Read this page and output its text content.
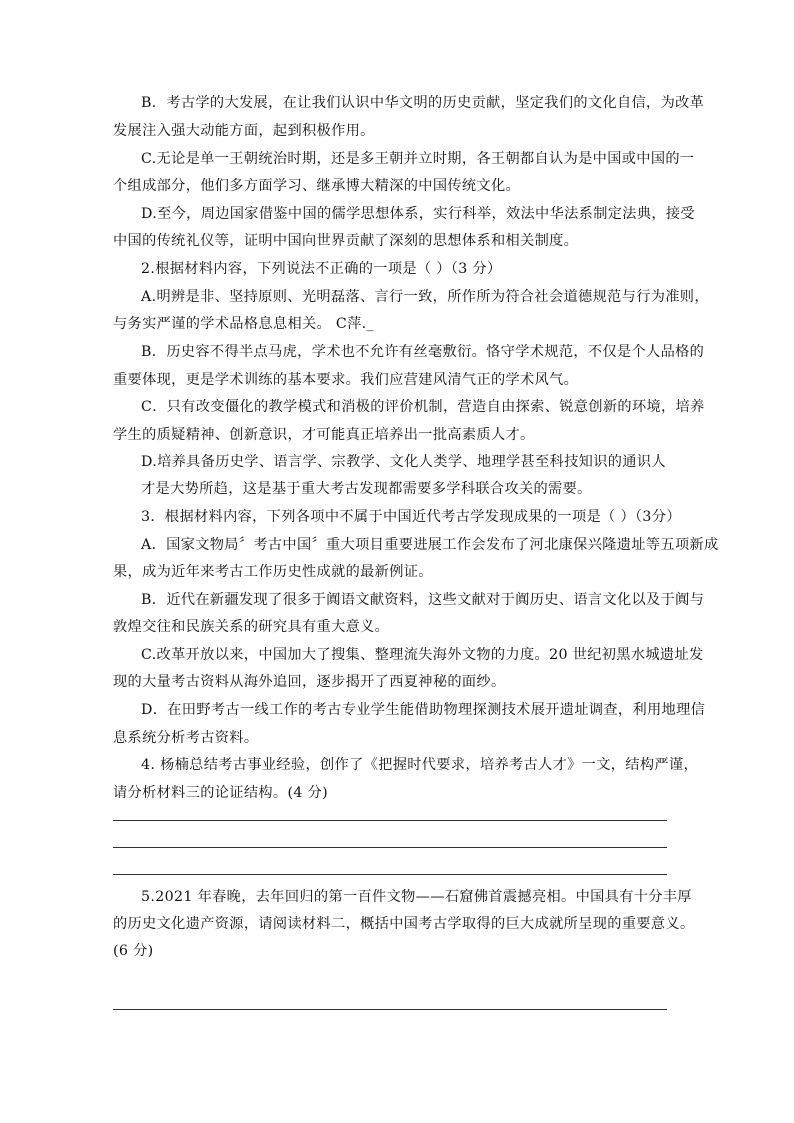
B．考古学的大发展，在让我们认识中华文明的历史贡献，坚定我们的文化自信，为改革
发展注入强大动能方面，起到积极作用。
C.无论是单一王朝统治时期，还是多王朝并立时期，各王朝都自认为是中国或中国的一
个组成部分，他们多方面学习、继承博大精深的中国传统文化。
D.至今，周边国家借鉴中国的儒学思想体系，实行科举，效法中华法系制定法典，接受
中国的传统礼仪等，证明中国向世界贡献了深刻的思想体系和相关制度。
2.根据材料内容，下列说法不正确的一项是（ ）（3 分）
A.明辨是非、坚持原则、光明磊落、言行一致，所作所为符合社会道德规范与行为准则，
与务实严谨的学术品格息息相关。 C萍._
B．历史容不得半点马虎，学术也不允许有丝毫敷衍。恪守学术规范，不仅是个人品格的
重要体现，更是学术训练的基本要求。我们应营建风清气正的学术风气。
C．只有改变僵化的教学模式和消极的评价机制，营造自由探索、锐意创新的环境，培养
学生的质疑精神、创新意识，才可能真正培养出一批高素质人才。
D.培养具备历史学、语言学、宗教学、文化人类学、地理学甚至科技知识的通识人
才是大势所趋，这是基于重大考古发现都需要多学科联合攻关的需要。
3．根据材料内容，下列各项中不属于中国近代考古学发现成果的一项是（ ）（3分）
A．国家文物局〞考古中国〞重大项目重要进展工作会发布了河北康保兴隆遗址等五项新成
果，成为近年来考古工作历史性成就的最新例证。
B．近代在新疆发现了很多于阗语文献资料，这些文献对于阗历史、语言文化以及于阗与
敦煌交往和民族关系的研究具有重大意义。
C.改革开放以来，中国加大了搜集、整理流失海外文物的力度。20 世纪初黑水城遗址发
现的大量考古资料从海外追回，逐步揭开了西夏神秘的面纱。
D．在田野考古一线工作的考古专业学生能借助物理探测技术展开遗址调查，利用地理信
息系统分析考古资料。
4. 杨楠总结考古事业经验，创作了《把握时代要求，培养考古人才》一文，结构严谨，
请分析材料三的论证结构。(4 分)
5.2021 年春晚，去年回归的第一百件文物——石窟佛首震撼亮相。中国具有十分丰厚
的历史文化遗产资源，请阅读材料二，概括中国考古学取得的巨大成就所呈现的重要意义。
(6 分)
